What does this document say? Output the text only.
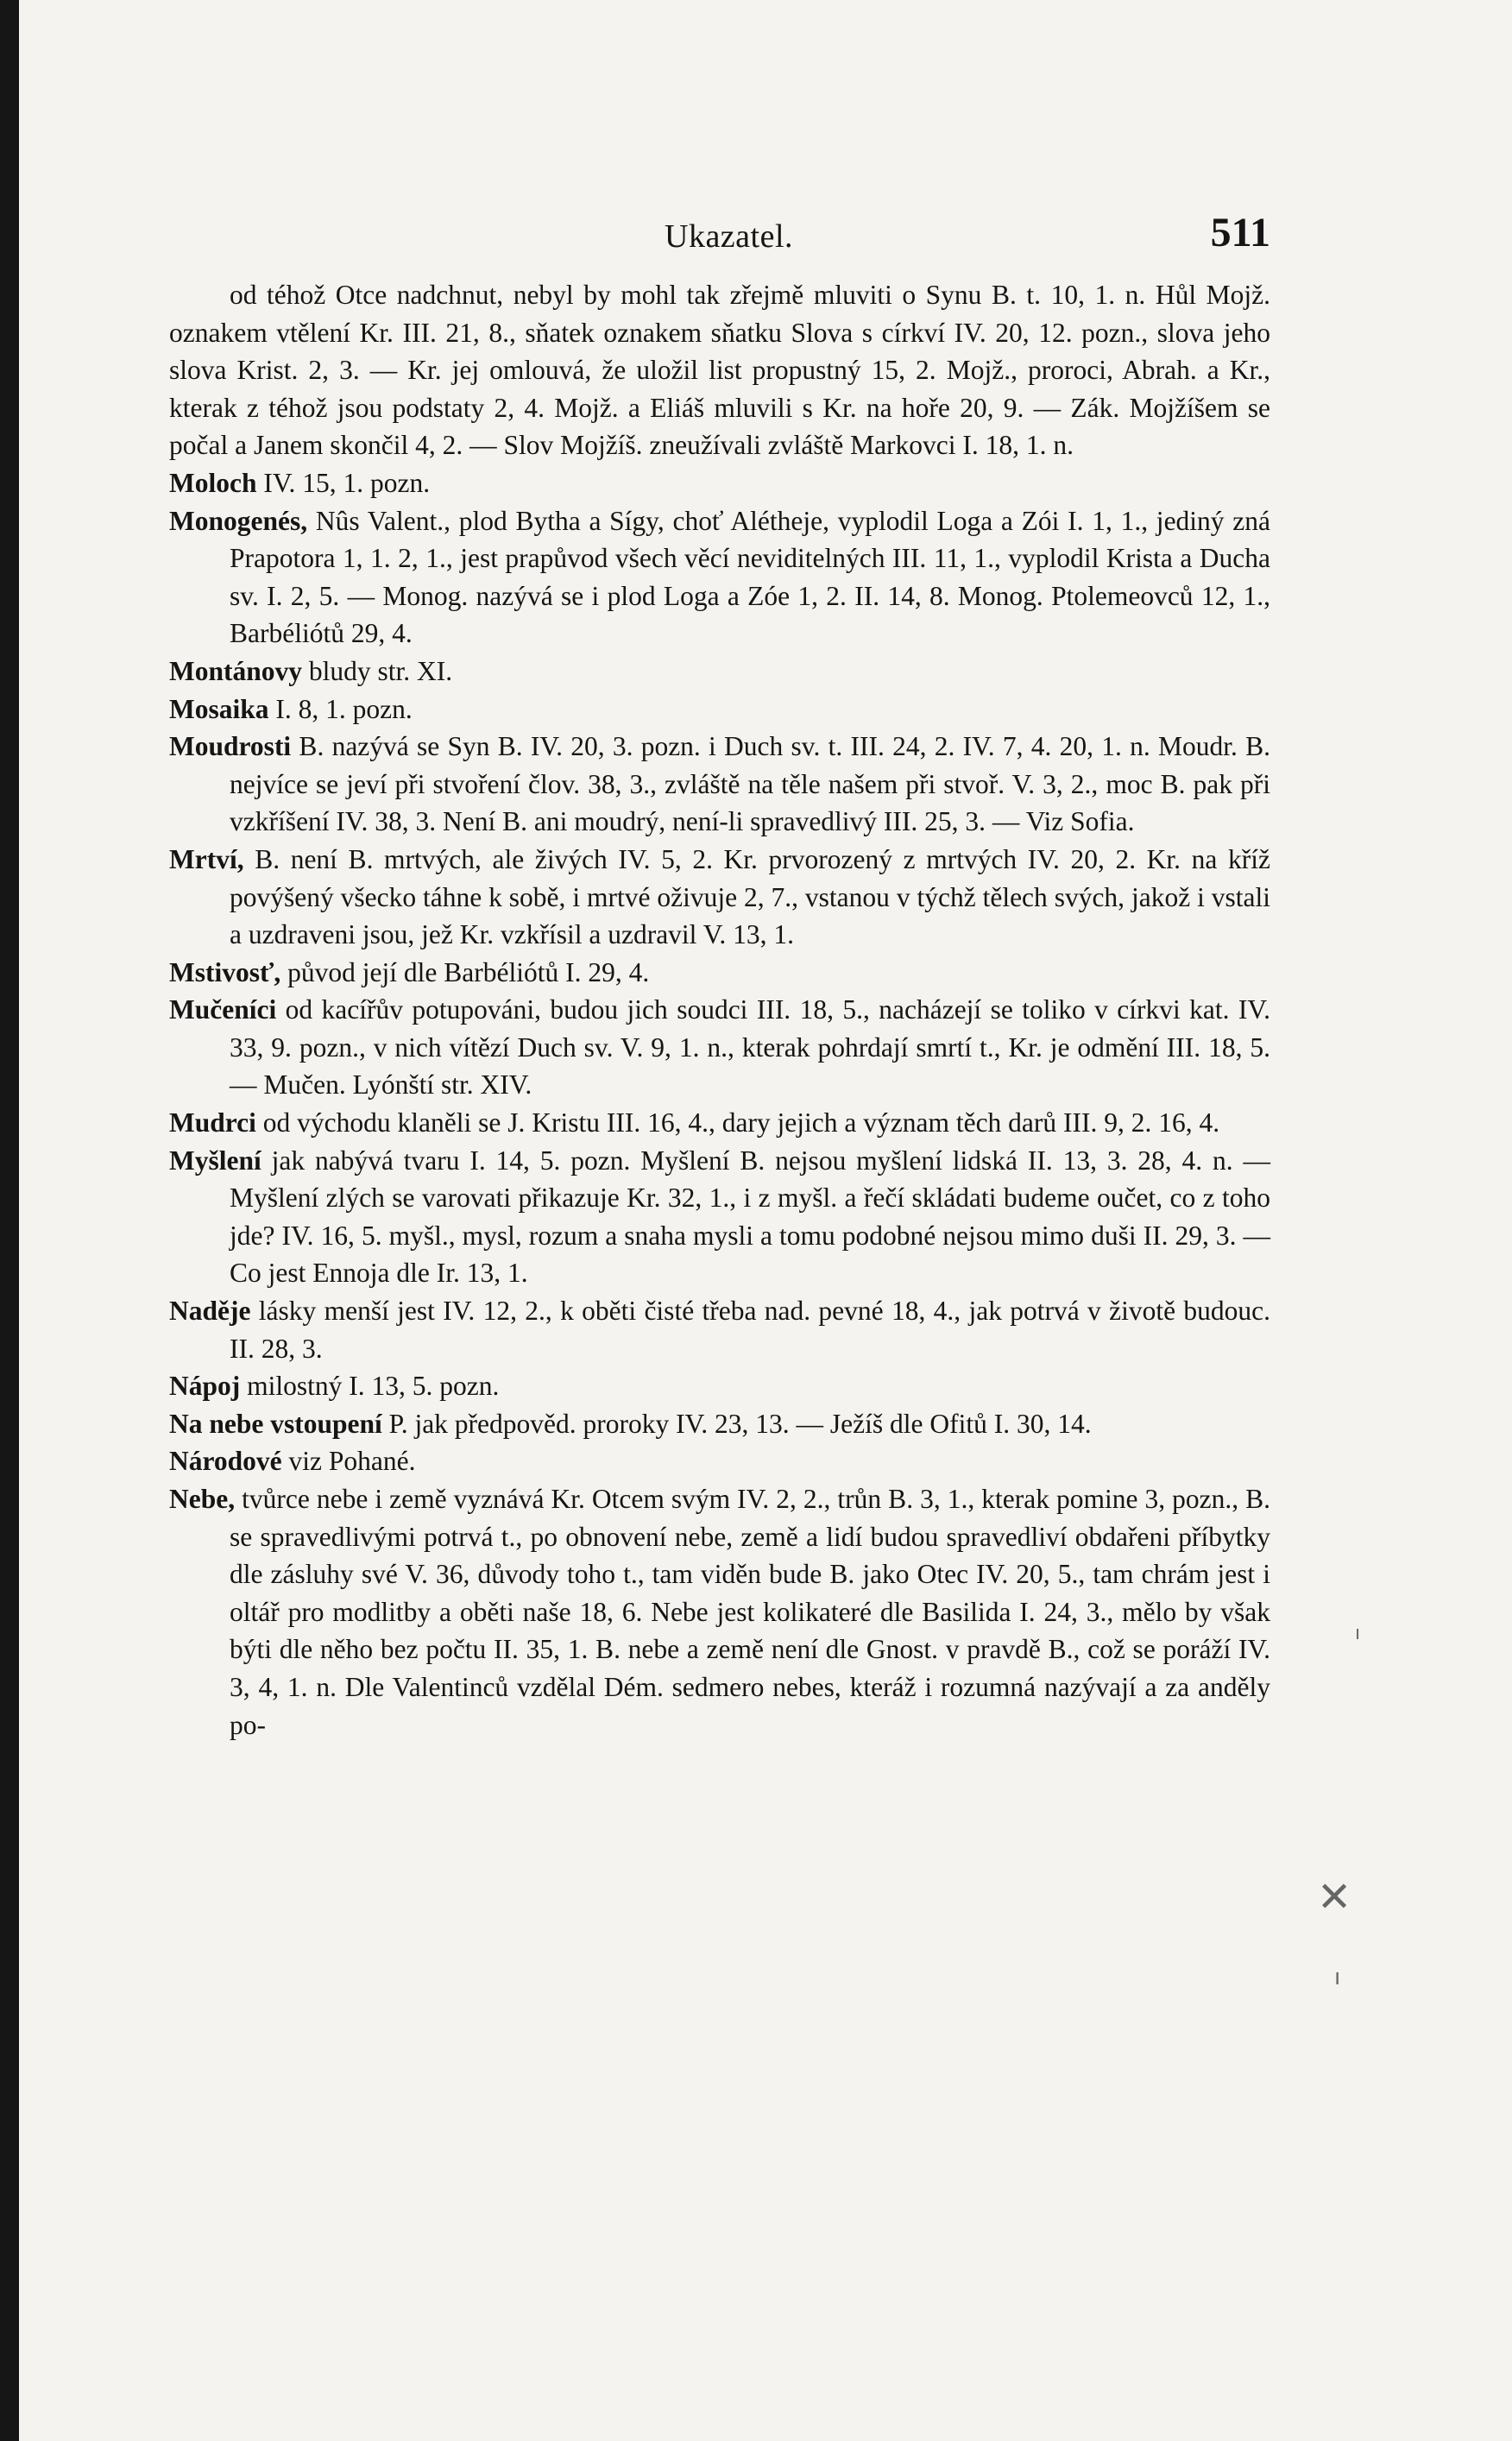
Ukazatel.	511

od téhož Otce nadchnut, nebyl by mohl tak zřejmě mluviti o Synu B. t. 10, 1. n. Hůl Mojž. oznakem vtělení Kr. III. 21, 8., sňatek oznakem sňatku Slova s církví IV. 20, 12. pozn., slova jeho slova Krist. 2, 3. — Kr. jej omlouvá, že uložil list propustný 15, 2. Mojž., proroci, Abrah. a Kr., kterak z téhož jsou podstaty 2, 4. Mojž. a Eliáš mluvili s Kr. na hoře 20, 9. — Zák. Mojžíšem se počal a Janem skončil 4, 2. — Slov Mojžíš. zneužívali zvláště Markovci I. 18, 1. n.

Moloch IV. 15, 1. pozn.

Monogenés, Nûs Valent., plod Bytha a Sígy, choť Alétheje, vyplodil Loga a Zói I. 1, 1., jediný zná Prapotora 1, 1. 2, 1., jest prapůvod všech věcí neviditelných III. 11, 1., vyplodil Krista a Ducha sv. I. 2, 5. — Monog. nazývá se i plod Loga a Zóe 1, 2. II. 14, 8. Monog. Ptolemeovců 12, 1., Barbéliótů 29, 4.

Montánovy bludy str. XI.

Mosaika I. 8, 1. pozn.

Moudrosti B. nazývá se Syn B. IV. 20, 3. pozn. i Duch sv. t. III. 24, 2. IV. 7, 4. 20, 1. n. Moudr. B. nejvíce se jeví při stvoření člov. 38, 3., zvláště na těle našem při stvoř. V. 3, 2., moc B. pak při vzkříšení IV. 38, 3. Není B. ani moudrý, není-li spravedlivý III. 25, 3. — Viz Sofia.

Mrtví, B. není B. mrtvých, ale živých IV. 5, 2. Kr. prvorozený z mrtvých IV. 20, 2. Kr. na kříž povýšený všecko táhne k sobě, i mrtvé oživuje 2, 7., vstanou v týchž tělech svých, jakož i vstali a uzdraveni jsou, jež Kr. vzkřísil a uzdravil V. 13, 1.

Mstivosť, původ její dle Barbéliótů I. 29, 4.

Mučeníci od kacířův potupováni, budou jich soudci III. 18, 5., nacházejí se toliko v církvi kat. IV. 33, 9. pozn., v nich vítězí Duch sv. V. 9, 1. n., kterak pohrdají smrtí t., Kr. je odmění III. 18, 5. — Mučen. Lyónští str. XIV.

Mudrci od východu klaněli se J. Kristu III. 16, 4., dary jejich a význam těch darů III. 9, 2. 16, 4.

Myšlení jak nabývá tvaru I. 14, 5. pozn. Myšlení B. nejsou myšlení lidská II. 13, 3. 28, 4. n. — Myšlení zlých se varovati přikazuje Kr. 32, 1., i z myšl. a řečí skládati budeme oučet, co z toho jde? IV. 16, 5. myšl., mysl, rozum a snaha mysli a tomu podobné nejsou mimo duši II. 29, 3. — Co jest Ennoja dle Ir. 13, 1.

Naděje lásky menší jest IV. 12, 2., k oběti čisté třeba nad. pevné 18, 4., jak potrvá v životě budouc. II. 28, 3.

Nápoj milostný I. 13, 5. pozn.

Na nebe vstoupení P. jak předpověd. proroky IV. 23, 13. — Ježíš dle Ofitů I. 30, 14.

Národové viz Pohané.

Nebe, tvůrce nebe i země vyznává Kr. Otcem svým IV. 2, 2., trůn B. 3, 1., kterak pomine 3, pozn., B. se spravedlivými potrvá t., po obnovení nebe, země a lidí budou spravedliví obdařeni příbytky dle zásluhy své V. 36, důvody toho t., tam viděn bude B. jako Otec IV. 20, 5., tam chrám jest i oltář pro modlitby a oběti naše 18, 6. Nebe jest kolikateré dle Basilida I. 24, 3., mělo by však býti dle něho bez počtu II. 35, 1. B. nebe a země není dle Gnost. v pravdě B., což se poráží IV. 3, 4, 1. n. Dle Valentinců vzdělal Dém. sedmero nebes, kteráž i rozumná nazývají a za anděly po-

ı
✕
ı
